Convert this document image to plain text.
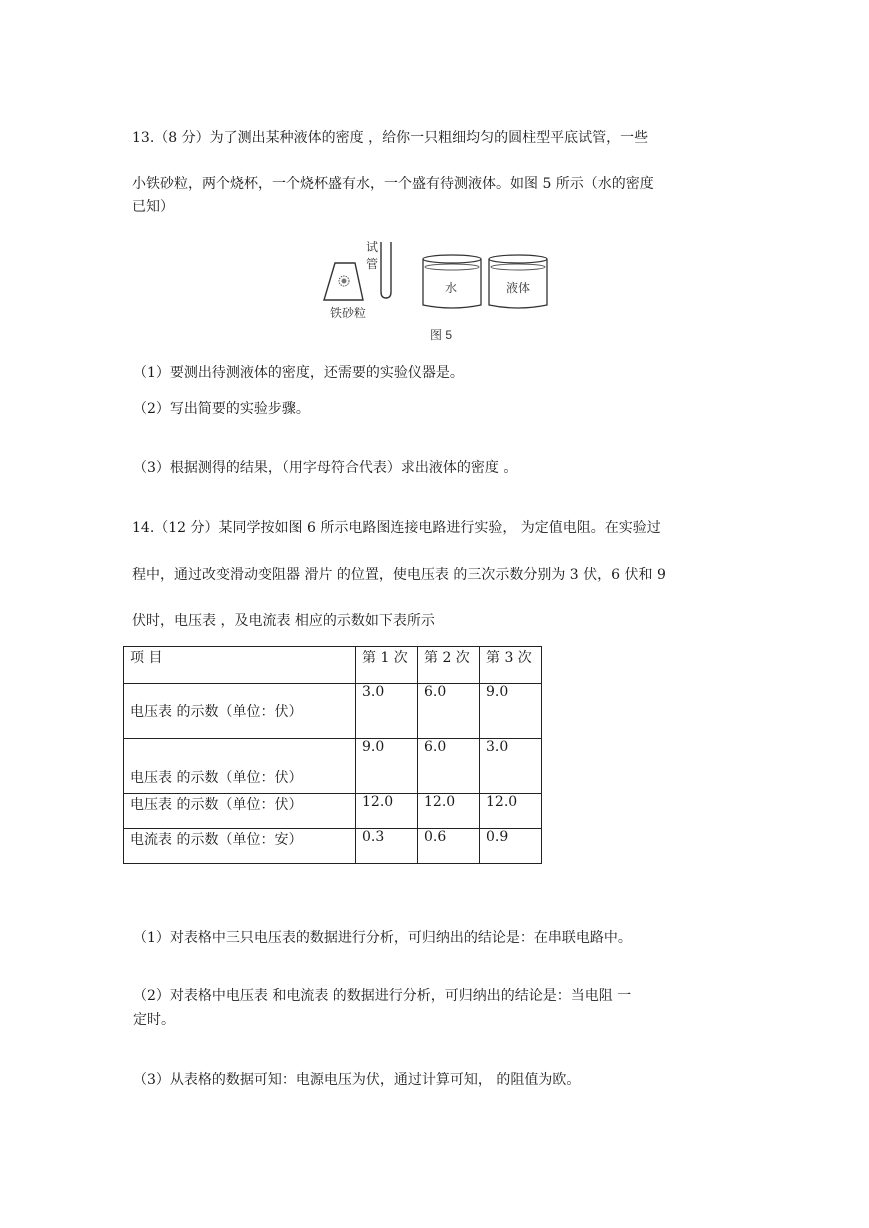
13.（8 分）为了测出某种液体的密度 ，给你一只粗细均匀的圆柱型平底试管，一些
小铁砂粒，两个烧杯，一个烧杯盛有水，一个盛有待测液体。如图 5 所示（水的密度
已知）
铁砂粒
试
管
水	液体
图 5
（1）要测出待测液体的密度，还需要的实验仪器是。
（2）写出简要的实验步骤。
（3）根据测得的结果，（用字母符合代表）求出液体的密度 。
14.（12 分）某同学按如图 6 所示电路图连接电路进行实验， 为定值电阻。在实验过
程中，通过改变滑动变阻器 滑片 的位置，使电压表 的三次示数分别为 3 伏，6 伏和 9
伏时，电压表 ，及电流表 相应的示数如下表所示
项 目	第 1 次	第 2 次	第 3 次
电压表 的示数（单位：伏）	3.0	6.0	9.0
电压表 的示数（单位：伏）	9.0	6.0	3.0
电压表 的示数（单位：伏）	12.0	12.0	12.0
电流表 的示数（单位：安）	0.3	0.6	0.9
（1）对表格中三只电压表的数据进行分析，可归纳出的结论是：在串联电路中。
（2）对表格中电压表 和电流表 的数据进行分析，可归纳出的结论是：当电阻 一
定时。
（3）从表格的数据可知：电源电压为伏，通过计算可知， 的阻值为欧。
